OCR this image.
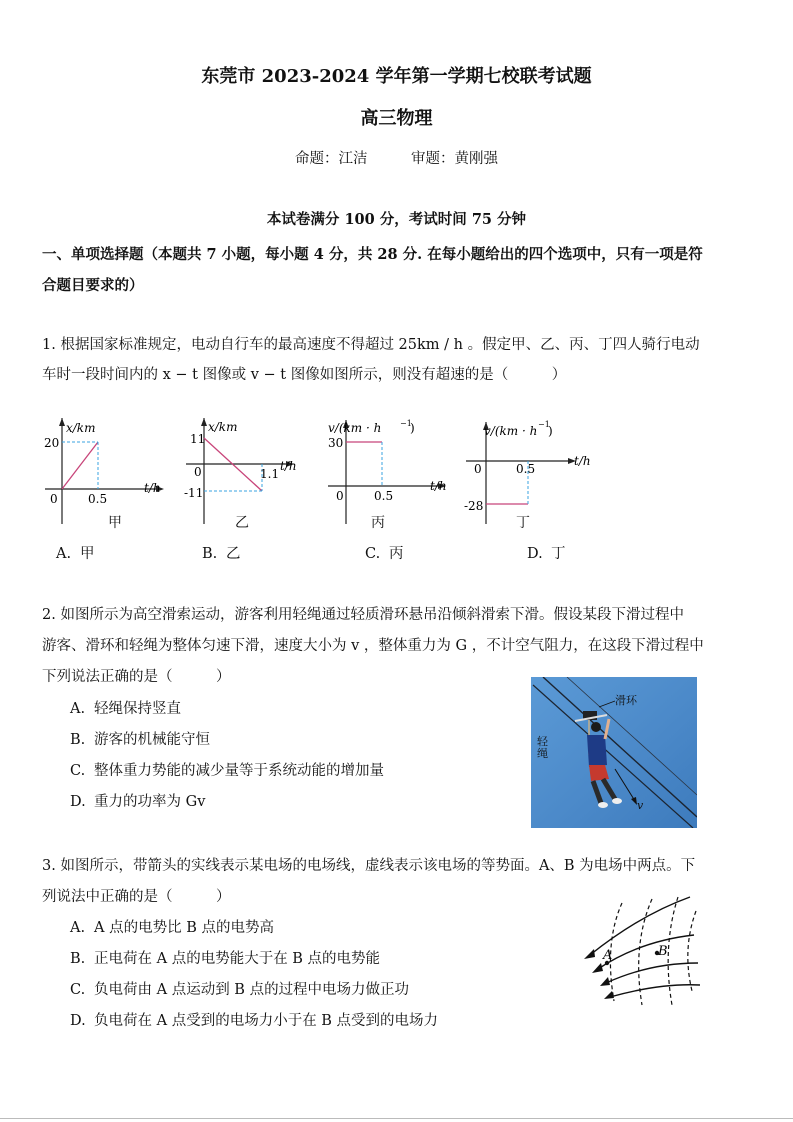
东莞市 2023-2024 学年第一学期七校联考试题
高三物理
命题：江洁　　　审题：黄刚强
本试卷满分 100 分，考试时间 75 分钟
一、单项选择题（本题共 7 小题，每小题 4 分，共 28 分. 在每小题给出的四个选项中，只有一项是符
合题目要求的）
1. 根据国家标准规定，电动自行车的最高速度不得超过 25km / h 。假定甲、乙、丙、丁四人骑行电动
车时一段时间内的 x − t 图像或 v − t 图像如图所示，则没有超速的是（　　　）
x/km
t/h
20
0	0.5
甲
x/km
t/h
11
0	1.1
-11
乙
v/(km · h −1
)
t/h
30
0	0.5
丙
v/(km · h −1
)
t/h
0	0.5
-28
丁
A. 甲	B. 乙	C. 丙	D. 丁
2. 如图所示为高空滑索运动，游客利用轻绳通过轻质滑环悬吊沿倾斜滑索下滑。假设某段下滑过程中
游客、滑环和轻绳为整体匀速下滑，速度大小为 v ，整体重力为 G ，不计空气阻力，在这段下滑过程中
下列说法正确的是（　　　）
A. 轻绳保持竖直
B. 游客的机械能守恒
C. 整体重力势能的减少量等于系统动能的增加量
D. 重力的功率为 Gv
滑环
轻
绳
v
3. 如图所示，带箭头的实线表示某电场的电场线，虚线表示该电场的等势面。A、B 为电场中两点。下
列说法中正确的是（　　　）
A. A 点的电势比 B 点的电势高
B. 正电荷在 A 点的电势能大于在 B 点的电势能
C. 负电荷由 A 点运动到 B 点的过程中电场力做正功
D. 负电荷在 A 点受到的电场力小于在 B 点受到的电场力
A	B
